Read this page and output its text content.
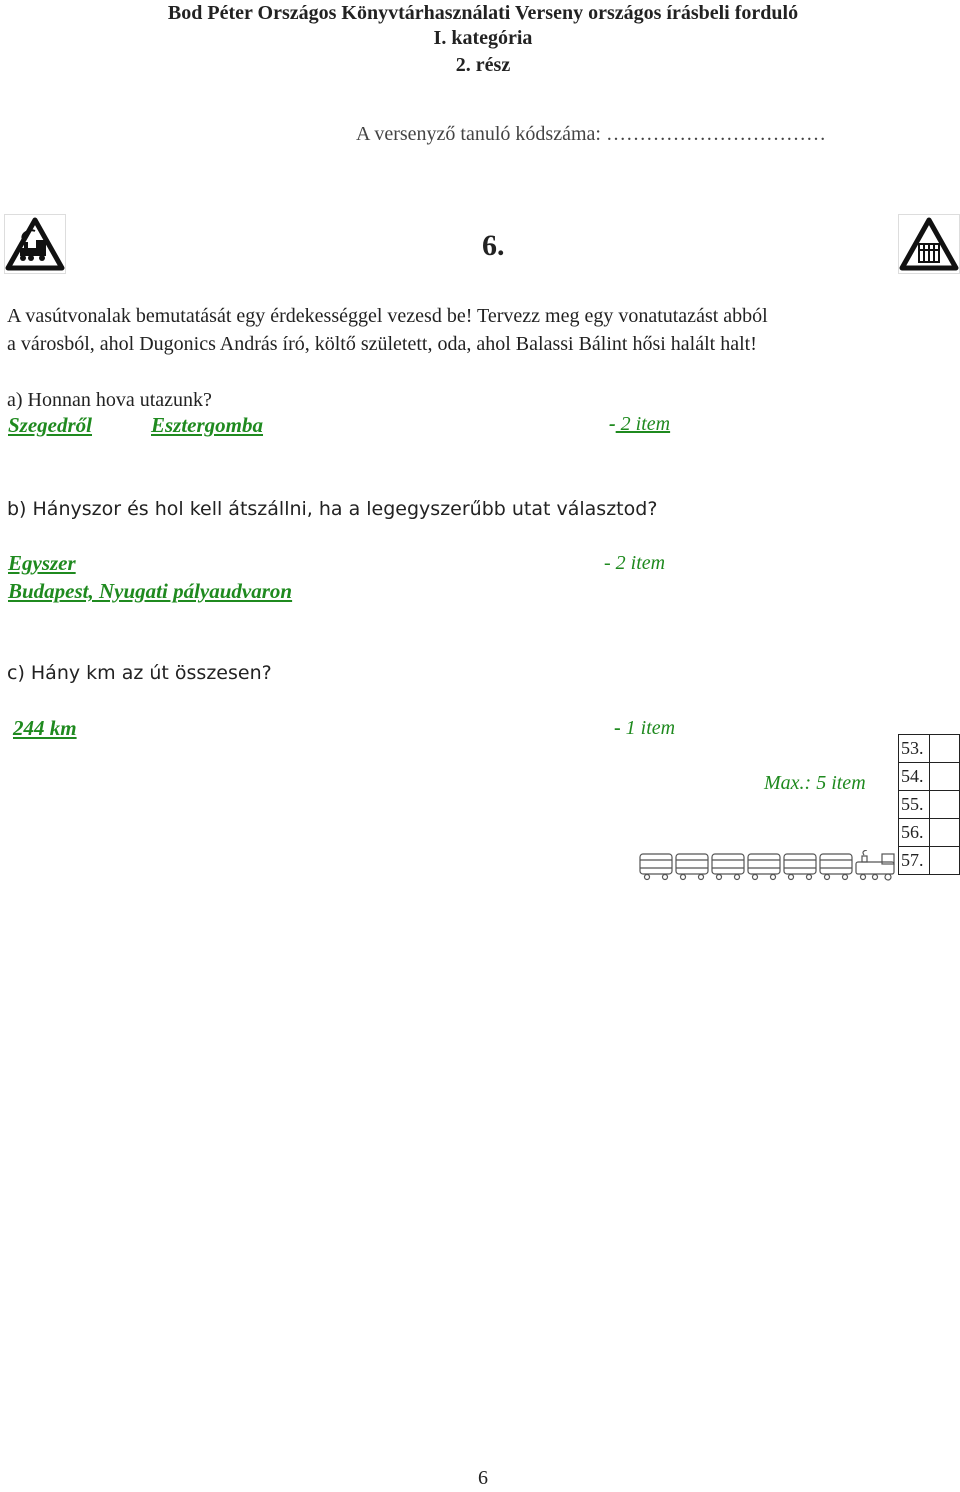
Bod Péter Országos Könyvtárhasználati Verseny országos írásbeli forduló
I. kategória
2. rész
A versenyző tanuló kódszáma: ……………………………
6.
A vasútvonalak bemutatását egy érdekességgel vezesd be! Tervezz meg egy vonatutazást abból
a városból, ahol Dugonics András író, költő született, oda, ahol Balassi Bálint hősi halált halt!
a) Honnan hova utazunk?
Szegedről	Esztergomba	- 2 item
b) Hányszor és hol kell átszállni, ha a legegyszerűbb utat választod?
Egyszer	- 2 item
Budapest, Nyugati pályaudvaron
c) Hány km az út összesen?
244 km	- 1 item
Max.: 5 item
53.	
54.	
55.	
56.	
57.	
6
